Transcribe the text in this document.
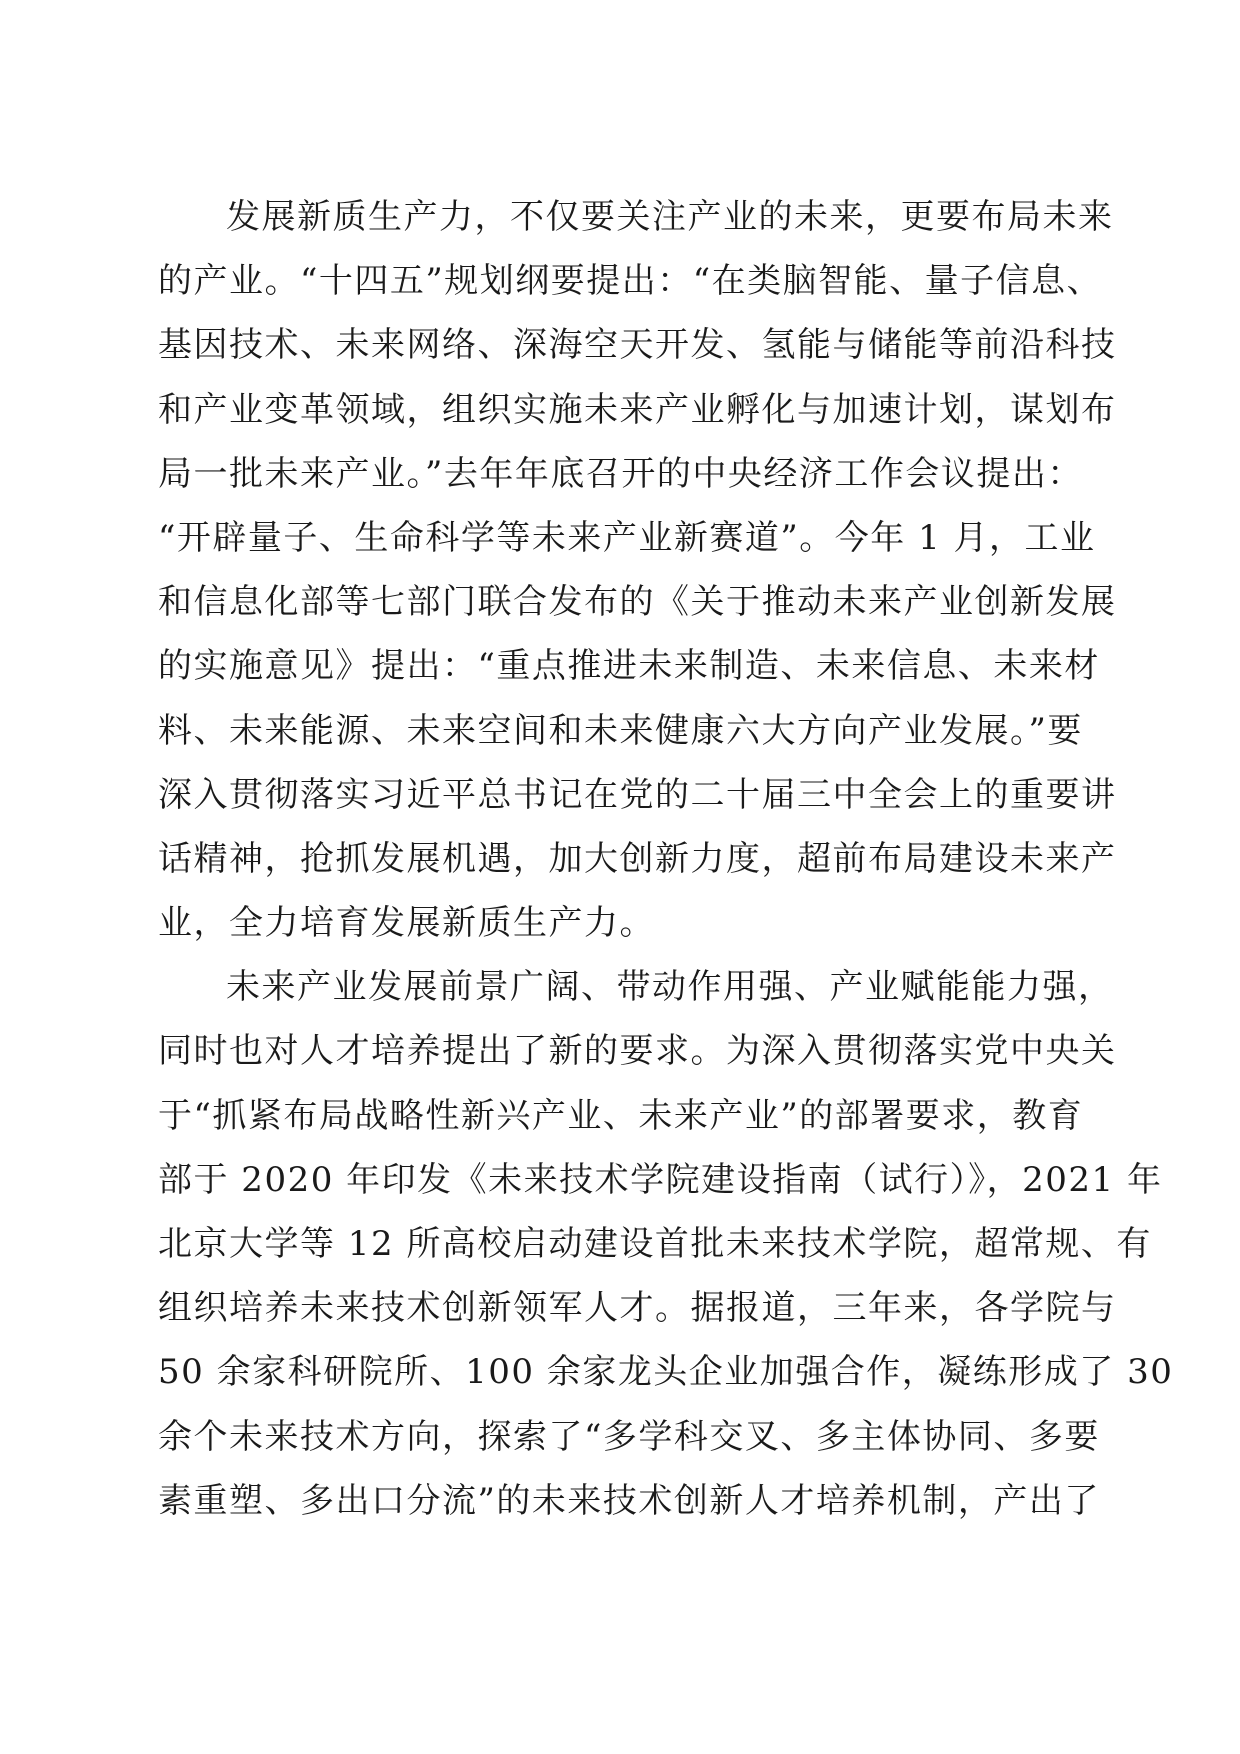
发展新质生产力，不仅要关注产业的未来，更要布局未来
的产业。“十四五”规划纲要提出：“在类脑智能、量子信息、
基因技术、未来网络、深海空天开发、氢能与储能等前沿科技
和产业变革领域，组织实施未来产业孵化与加速计划，谋划布
局一批未来产业。”去年年底召开的中央经济工作会议提出：
“开辟量子、生命科学等未来产业新赛道”。今年 1 月，工业
和信息化部等七部门联合发布的《关于推动未来产业创新发展
的实施意见》提出：“重点推进未来制造、未来信息、未来材
料、未来能源、未来空间和未来健康六大方向产业发展。”要
深入贯彻落实习近平总书记在党的二十届三中全会上的重要讲
话精神，抢抓发展机遇，加大创新力度，超前布局建设未来产
业，全力培育发展新质生产力。
未来产业发展前景广阔、带动作用强、产业赋能能力强，
同时也对人才培养提出了新的要求。为深入贯彻落实党中央关
于“抓紧布局战略性新兴产业、未来产业”的部署要求，教育
部于 2020 年印发《未来技术学院建设指南（试行）》，2021 年
北京大学等 12 所高校启动建设首批未来技术学院，超常规、有
组织培养未来技术创新领军人才。据报道，三年来，各学院与
50 余家科研院所、100 余家龙头企业加强合作，凝练形成了 30
余个未来技术方向，探索了“多学科交叉、多主体协同、多要
素重塑、多出口分流”的未来技术创新人才培养机制，产出了
